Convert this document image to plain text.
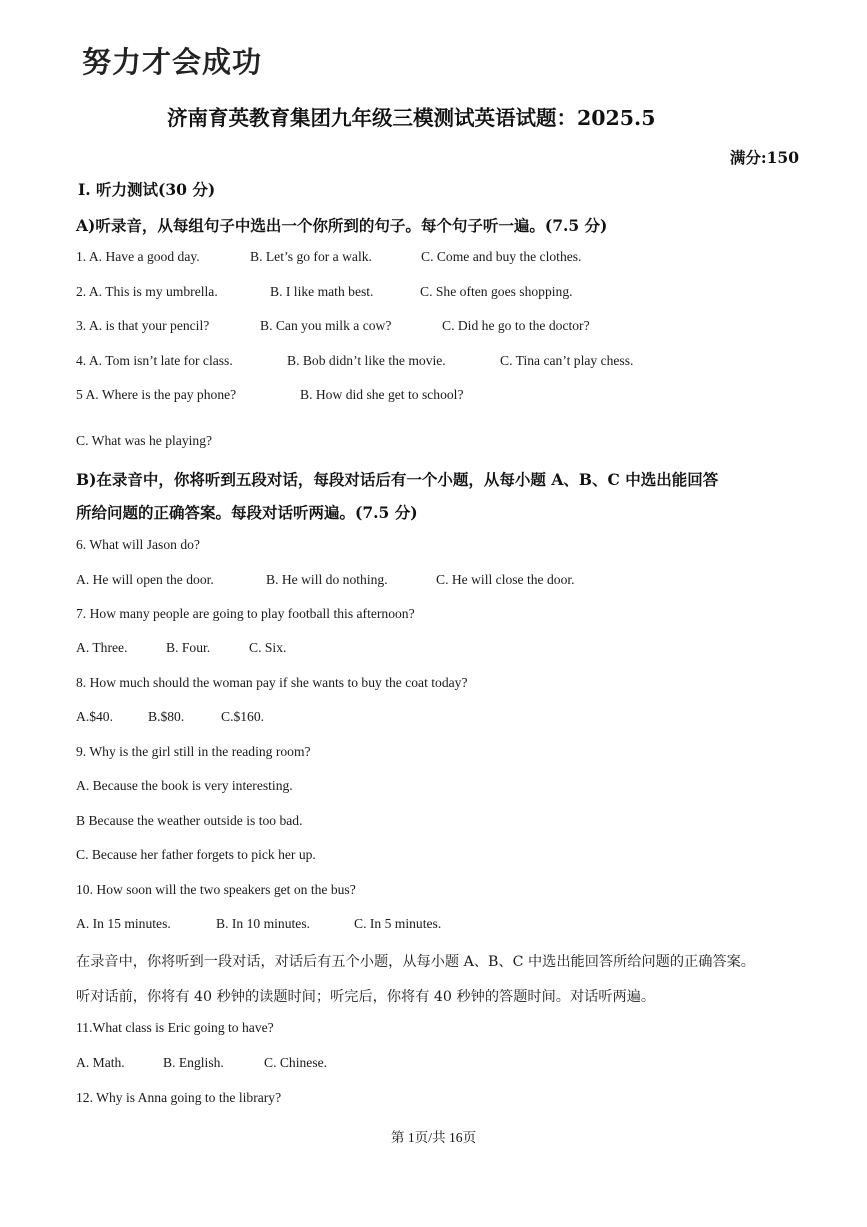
努力才会成功
济南育英教育集团九年级三模测试英语试题：2025.5
满分:150
Ⅰ. 听力测试(30 分)
A)听录音，从每组句子中选出一个你所到的句子。每个句子听一遍。(7.5 分)
1. A. Have a good day.	B. Let’s go for a walk.	C. Come and buy the clothes.
2. A. This is my umbrella.	B. I like math best.	C. She often goes shopping.
3. A. is that your pencil?	B. Can you milk a cow?	C. Did he go to the doctor?
4. A. Tom isn’t late for class.	B. Bob didn’t like the movie.	C. Tina can’t play chess.
5 A. Where is the pay phone?	B. How did she get to school?
C. What was he playing?
B)在录音中，你将听到五段对话，每段对话后有一个小题，从每小题 A、B、C 中选出能回答
所给问题的正确答案。每段对话听两遍。(7.5 分)
6. What will Jason do?
A. He will open the door.	B. He will do nothing.	C. He will close the door.
7. How many people are going to play football this afternoon?
A. Three.	B. Four.	C. Six.
8. How much should the woman pay if she wants to buy the coat today?
A.$40.	B.$80.	C.$160.
9. Why is the girl still in the reading room?
A. Because the book is very interesting.
B Because the weather outside is too bad.
C. Because her father forgets to pick her up.
10. How soon will the two speakers get on the bus?
A. In 15 minutes.	B. In 10 minutes.	C. In 5 minutes.
在录音中，你将听到一段对话，对话后有五个小题，从每小题 A、B、C 中选出能回答所给问题的正确答案。
听对话前，你将有 40 秒钟的读题时间；听完后，你将有 40 秒钟的答题时间。对话听两遍。
11.What class is Eric going to have?
A. Math.	B. English.	C. Chinese.
12. Why is Anna going to the library?
第 1页/共 16页
